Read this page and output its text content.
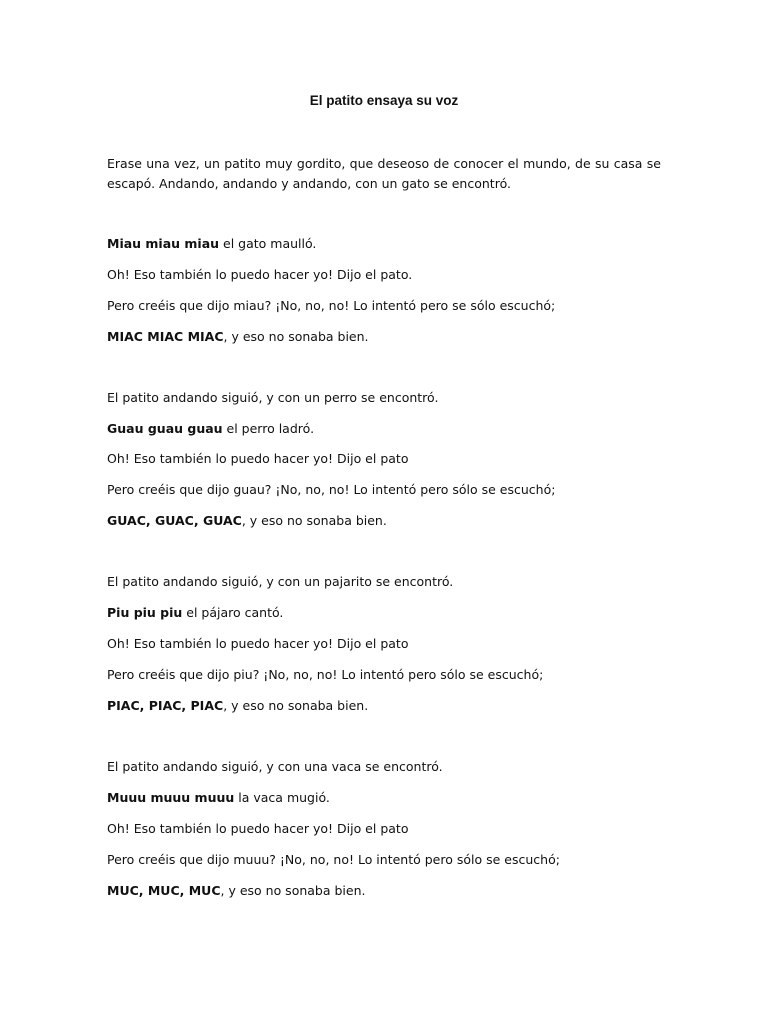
El patito ensaya su voz

Erase una vez, un patito muy gordito, que deseoso de conocer el mundo, de su casa se escapó. Andando, andando y andando, con un gato se encontró.

Miau miau miau el gato maulló.

Oh! Eso también lo puedo hacer yo! Dijo el pato.

Pero creéis que dijo miau? ¡No, no, no! Lo intentó pero se sólo escuchó;

MIAC MIAC MIAC, y eso no sonaba bien.

El patito andando siguió, y con un perro se encontró.

Guau guau guau el perro ladró.

Oh! Eso también lo puedo hacer yo! Dijo el pato

Pero creéis que dijo guau? ¡No, no, no! Lo intentó pero sólo se escuchó;

GUAC, GUAC, GUAC, y eso no sonaba bien.

El patito andando siguió, y con un pajarito se encontró.

Piu piu piu el pájaro cantó.

Oh! Eso también lo puedo hacer yo! Dijo el pato

Pero creéis que dijo piu? ¡No, no, no! Lo intentó pero sólo se escuchó;

PIAC, PIAC, PIAC, y eso no sonaba bien.

El patito andando siguió, y con una vaca se encontró.

Muuu muuu muuu la vaca mugió.

Oh! Eso también lo puedo hacer yo! Dijo el pato

Pero creéis que dijo muuu? ¡No, no, no! Lo intentó pero sólo se escuchó;

MUC, MUC, MUC, y eso no sonaba bien.
